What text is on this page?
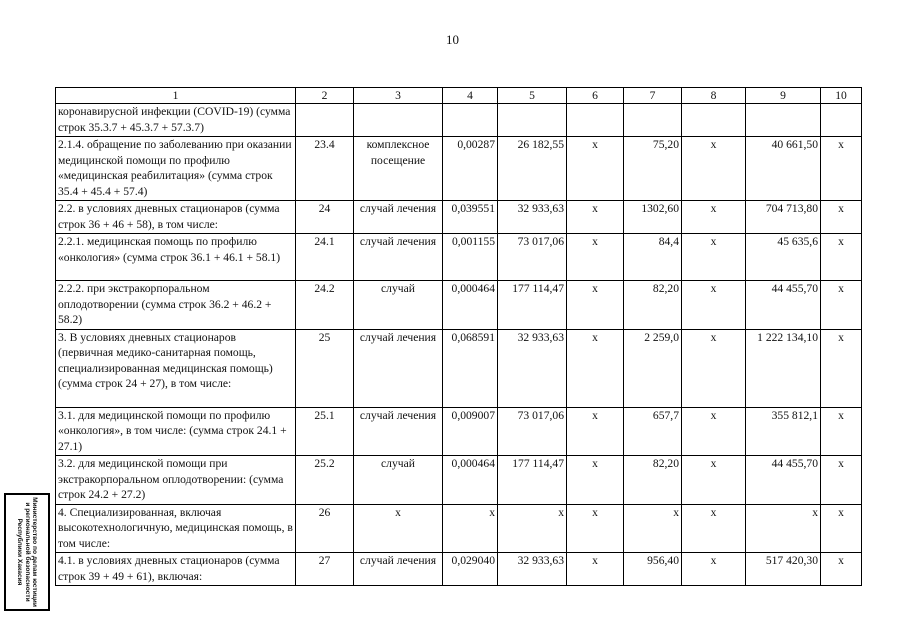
10
1	2	3	4	5	6	7	8	9	10
коронавирусной инфекции (COVID-19) (сумма строк 35.3.7 + 45.3.7 + 57.3.7)									
2.1.4. обращение по заболеванию при оказании медицинской помощи по профилю «медицинская реабилитация» (сумма строк 35.4 + 45.4 + 57.4)	23.4	комплексное посещение	0,00287	26 182,55	х	75,20	х	40 661,50	х
2.2. в условиях дневных стационаров (сумма строк 36 + 46 + 58), в том числе:	24	случай лечения	0,039551	32 933,63	х	1302,60	х	704 713,80	х
2.2.1. медицинская помощь по профилю «онкология» (сумма строк 36.1 + 46.1 + 58.1)	24.1	случай лечения	0,001155	73 017,06	х	84,4	х	45 635,6	х
2.2.2. при экстракорпоральном оплодотворении (сумма строк 36.2 + 46.2 + 58.2)	24.2	случай	0,000464	177 114,47	х	82,20	х	44 455,70	х
3. В условиях дневных стационаров (первичная медико-санитарная помощь, специализированная медицинская помощь) (сумма строк 24 + 27), в том числе:	25	случай лечения	0,068591	32 933,63	х	2 259,0	х	1 222 134,10	х
3.1. для медицинской помощи по профилю «онкология», в том числе: (сумма строк 24.1 + 27.1)	25.1	случай лечения	0,009007	73 017,06	х	657,7	х	355 812,1	х
3.2. для медицинской помощи при экстракорпоральном оплодотворении: (сумма строк 24.2 + 27.2)	25.2	случай	0,000464	177 114,47	х	82,20	х	44 455,70	х
4. Специализированная, включая высокотехнологичную, медицинская помощь, в том числе:	26	х	х	х	х	х	х	х	х
4.1. в условиях дневных стационаров (сумма строк 39 + 49 + 61), включая:	27	случай лечения	0,029040	32 933,63	х	956,40	х	517 420,30	х
Министерство по делам юстиции и региональной безопасности Республики Хакасия
